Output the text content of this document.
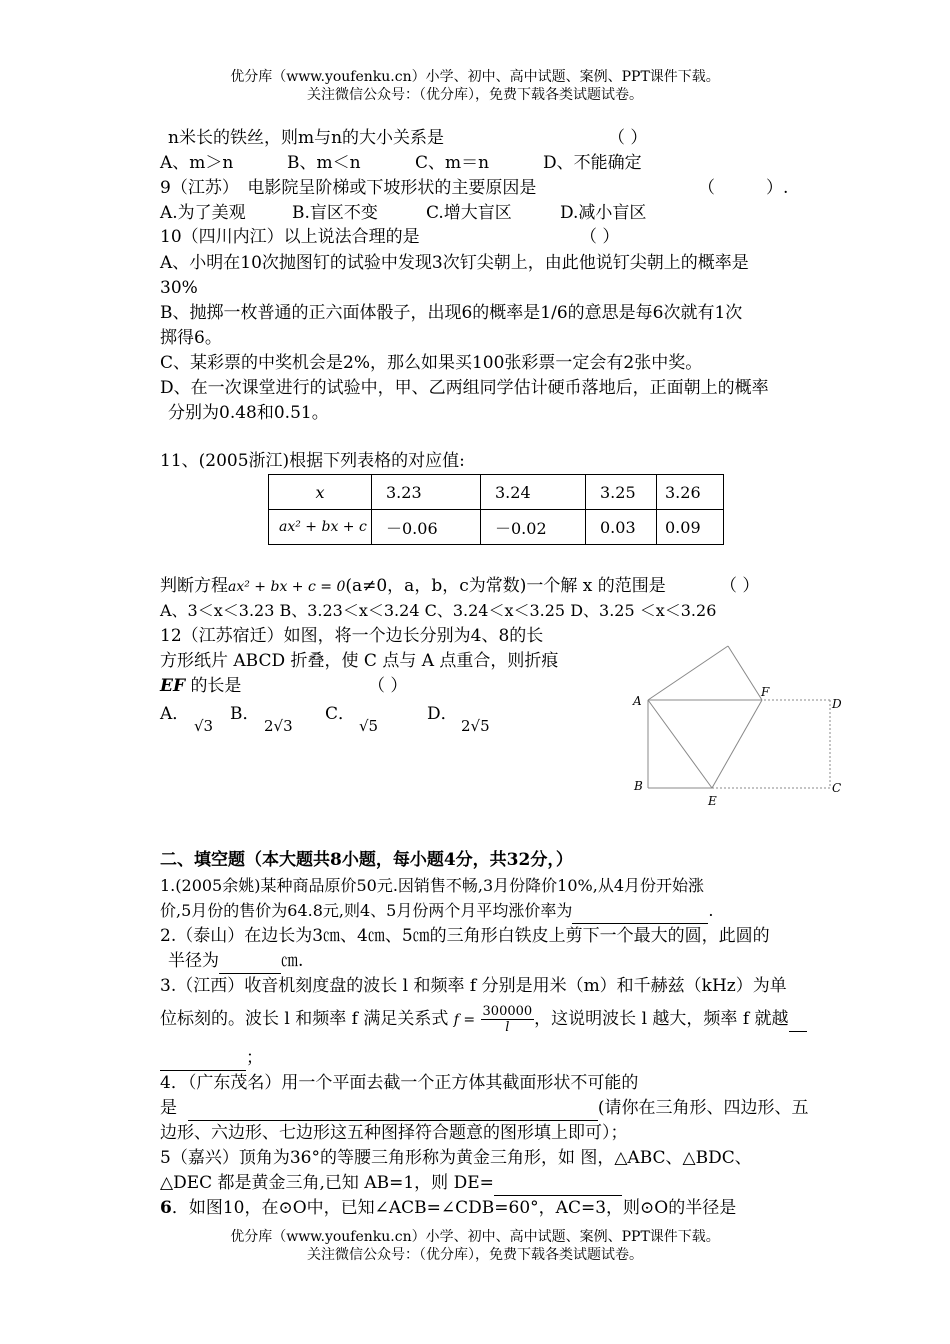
优分库（www.youfenku.cn）小学、初中、高中试题、案例、PPT课件下载。
关注微信公众号：（优分库），免费下载各类试题试卷。
n米长的铁丝，则m与n的大小关系是	（ ）
A、m＞n	B、m＜n	C、m＝n	D、不能确定
9（江苏）　电影院呈阶梯或下坡形状的主要原因是	（　　　）.
A.为了美观	B.盲区不变	C.增大盲区	D.减小盲区
10（四川内江）以上说法合理的是	（ ）
A、小明在10次抛图钉的试验中发现3次钉尖朝上，由此他说钉尖朝上的概率是
30%
B、抛掷一枚普通的正六面体骰子，出现6的概率是1/6的意思是每6次就有1次
掷得6。
C、某彩票的中奖机会是2%，那么如果买100张彩票一定会有2张中奖。
D、在一次课堂进行的试验中，甲、乙两组同学估计硬币落地后，正面朝上的概率
分别为0.48和0.51。
11、(2005浙江)根据下列表格的对应值:
x	3.23	3.24	3.25	3.26
ax² + bx + c	－0.06	－0.02	0.03	0.09
判断方程ax² + bx + c = 0(a≠0，a，b，c为常数)一个解 x 的范围是	（ ）
A、3＜x＜3.23 B、3.23＜x＜3.24 C、3.24＜x＜3.25 D、3.25 ＜x＜3.26
12（江苏宿迁）如图，将一个边长分别为4、8的长
方形纸片 ABCD 折叠，使 C 点与 A 点重合，则折痕
EF 的长是	（ ）
A．
√3
B．
2√3
C．
√5
D．
2√5
A
B	C
D
E
F
二、填空题（本大题共8小题，每小题4分，共32分，）
1.(2005余姚)某种商品原价50元.因销售不畅,3月份降价10%,从4月份开始涨
价,5月份的售价为64.8元,则4、5月份两个月平均涨价率为	.
2.（泰山）在边长为3㎝、4㎝、5㎝的三角形白铁皮上剪下一个最大的圆，此圆的
半径为	㎝.
3.（江西）收音机刻度盘的波长 l 和频率 f 分别是用米（m）和千赫兹（kHz）为单
位标刻的。波长 l 和频率 f 满足关系式 $f = \frac{300000}{l}$ ，这说明波长 l 越大，频率 f 就越
；
4．（广东茂名）用一个平面去截一个正方体其截面形状不可能的
是	(请你在三角形、四边形、五
边形、六边形、七边形这五种图择符合题意的图形填上即可）；
5（嘉兴）顶角为36°的等腰三角形称为黄金三角形，如 图，△ABC、△BDC、
△DEC 都是黄金三角,已知 AB=1，则 DE=
6．如图10，在⊙O中，已知∠ACB=∠CDB=60°，AC=3，则⊙O的半径是
优分库（www.youfenku.cn）小学、初中、高中试题、案例、PPT课件下载。
关注微信公众号：（优分库），免费下载各类试题试卷。
